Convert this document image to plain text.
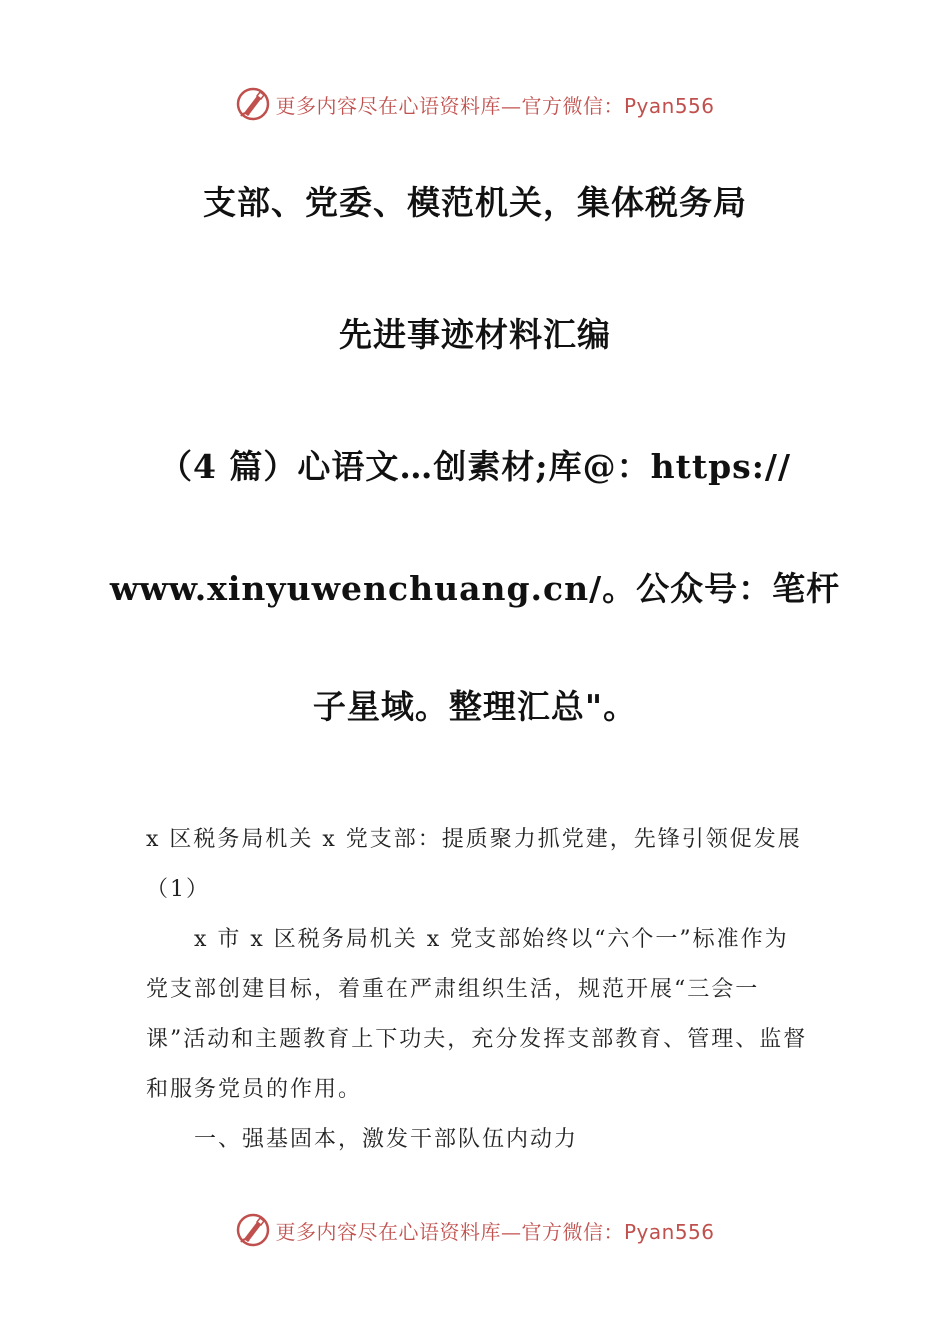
更多内容尽在心语资料库—官方微信：Pyan556
支部、党委、模范机关，集体税务局
先进事迹材料汇编
（4 篇）心语文…创素材;库@：https://
www.xinyuwenchuang.cn/。公众号：笔杆
子星域。整理汇总"。

x 区税务局机关 x 党支部：提质聚力抓党建，先锋引领促发展（1）

x 市 x 区税务局机关 x 党支部始终以“六个一”标准作为党支部创建目标，着重在严肃组织生活，规范开展“三会一课”活动和主题教育上下功夫，充分发挥支部教育、管理、监督和服务党员的作用。

一、强基固本，激发干部队伍内动力

更多内容尽在心语资料库—官方微信：Pyan556
